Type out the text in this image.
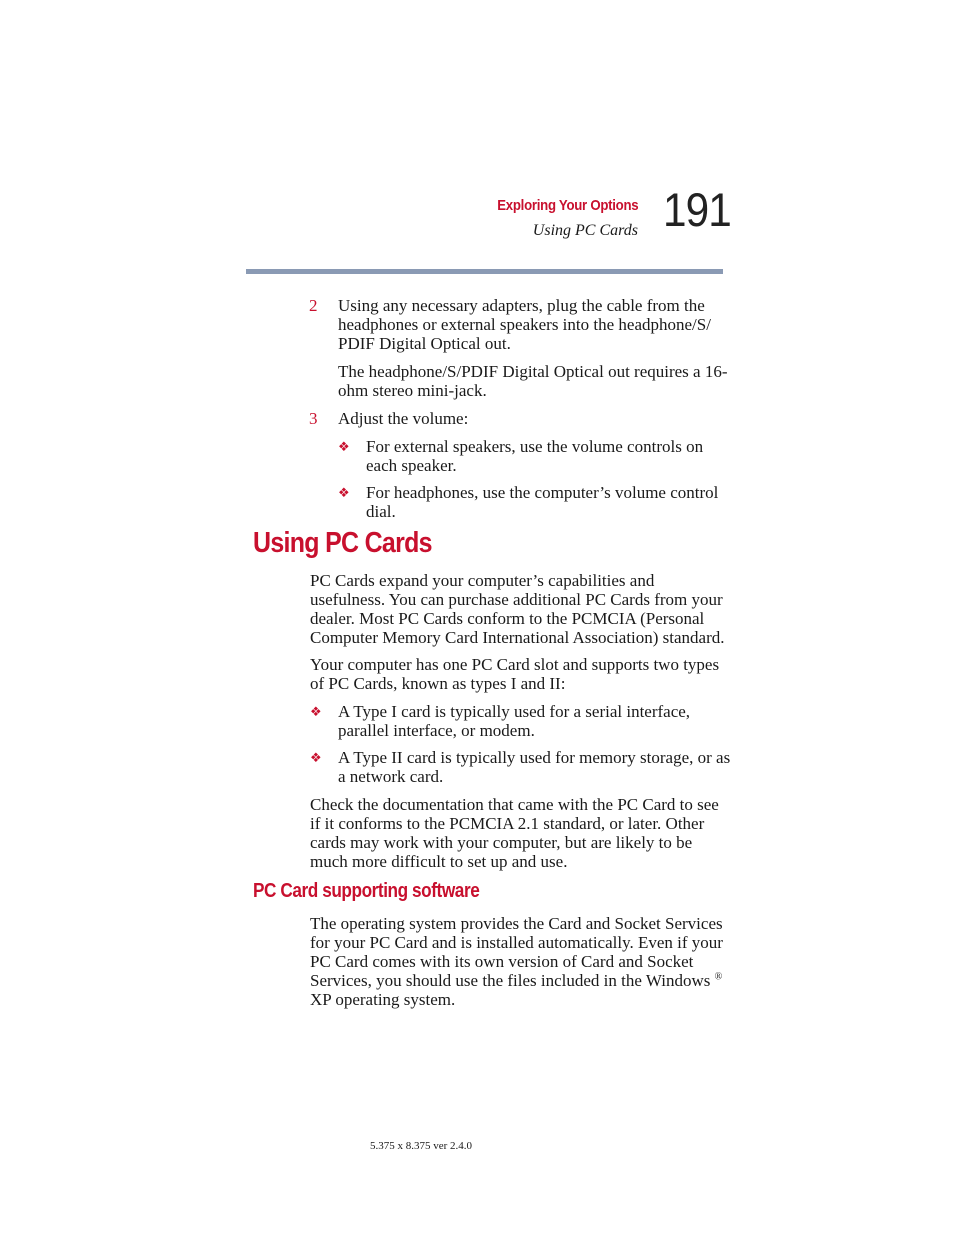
Exploring Your Options
Using PC Cards 191
2 Using any necessary adapters, plug the cable from the
headphones or external speakers into the headphone/S/
PDIF Digital Optical out.
The headphone/S/PDIF Digital Optical out requires a 16-
ohm stereo mini-jack.
3 Adjust the volume:
❖ For external speakers, use the volume controls on
each speaker.
❖ For headphones, use the computer’s volume control
dial.
Using PC Cards
PC Cards expand your computer’s capabilities and
usefulness. You can purchase additional PC Cards from your
dealer. Most PC Cards conform to the PCMCIA (Personal
Computer Memory Card International Association) standard.
Your computer has one PC Card slot and supports two types
of PC Cards, known as types I and II:
❖ A Type I card is typically used for a serial interface,
parallel interface, or modem.
❖ A Type II card is typically used for memory storage, or as
a network card.
Check the documentation that came with the PC Card to see
if it conforms to the PCMCIA 2.1 standard, or later. Other
cards may work with your computer, but are likely to be
much more difficult to set up and use.
PC Card supporting software
The operating system provides the Card and Socket Services
for your PC Card and is installed automatically. Even if your
PC Card comes with its own version of Card and Socket
Services, you should use the files included in the Windows ®
XP operating system.
5.375 x 8.375 ver 2.4.0
